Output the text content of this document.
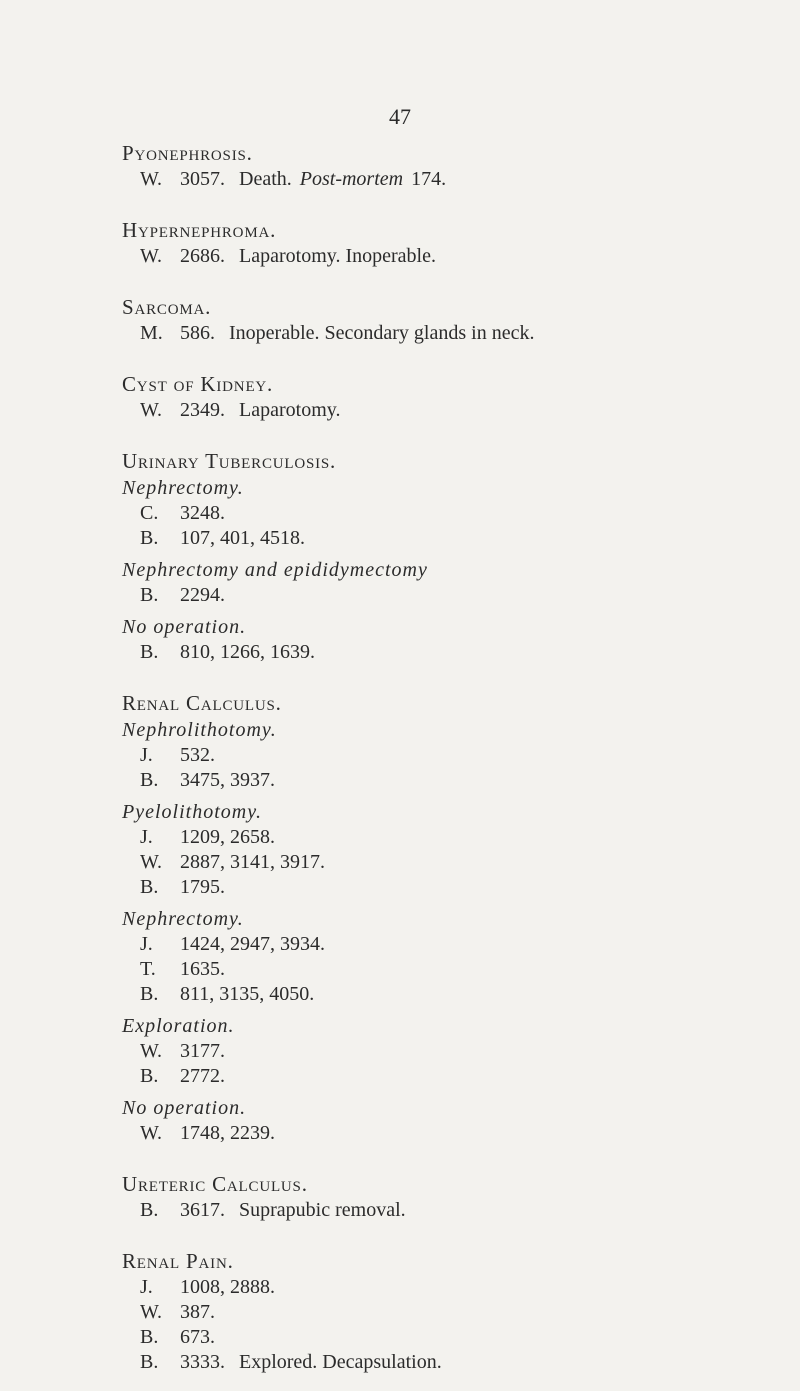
47
Pyonephrosis.
W. 3057. Death. Post-mortem 174.
Hypernephroma.
W. 2686. Laparotomy. Inoperable.
Sarcoma.
M. 586. Inoperable. Secondary glands in neck.
Cyst of Kidney.
W. 2349. Laparotomy.
Urinary Tuberculosis.
Nephrectomy.
C.	3248.
B.	107, 401, 4518.
Nephrectomy and epididymectomy
B.	2294.
No operation.
B.	810, 1266, 1639.
Renal Calculus.
Nephrolithotomy.
J.	532.
B.	3475, 3937.
Pyelolithotomy.
J.	1209, 2658.
W. 2887, 3141, 3917.
B.	1795.
Nephrectomy.
J.	1424, 2947, 3934.
T.	1635.
B.	811, 3135, 4050.
Exploration.
W. 3177.
B.	2772.
No operation.
W. 1748, 2239.
Ureteric Calculus.
B.	3617. Suprapubic removal.
Renal Pain.
J.	1008, 2888.
W. 387.
B.	673.
B.	3333. Explored. Decapsulation.
